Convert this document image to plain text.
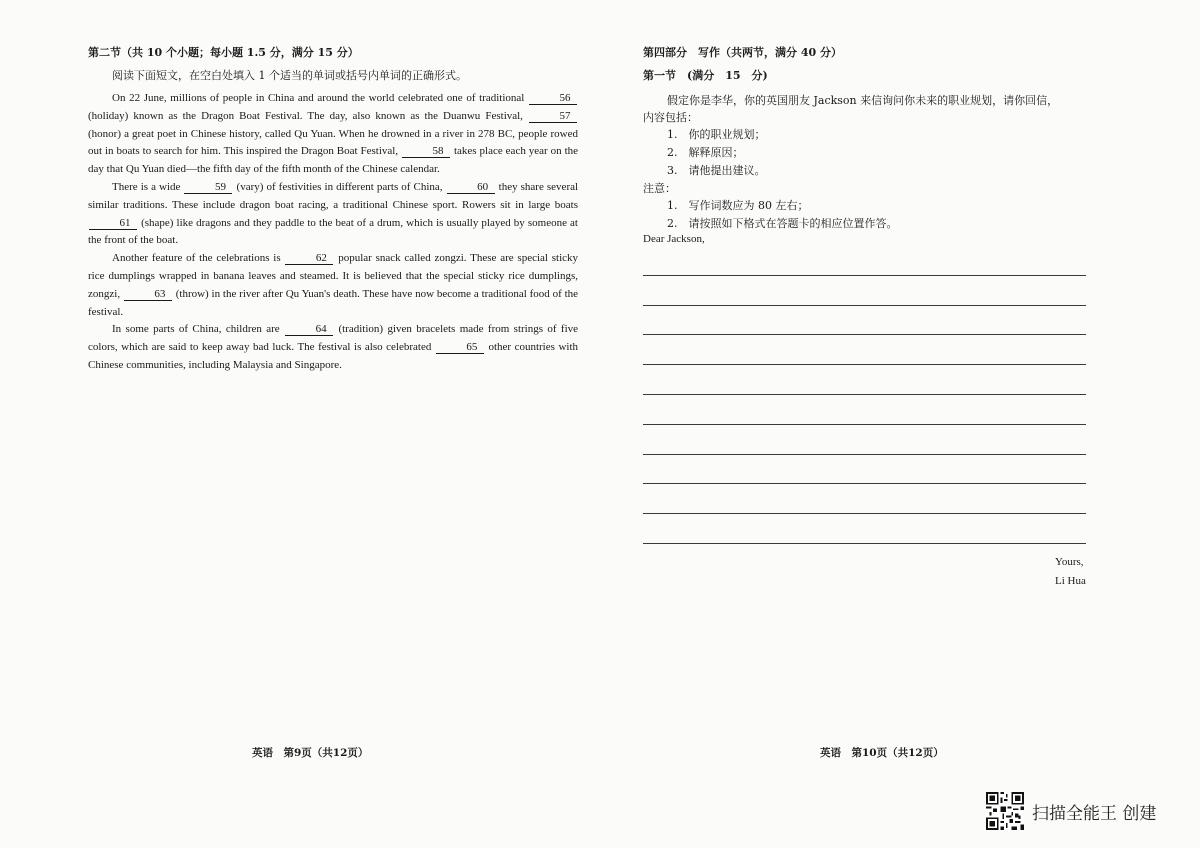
第二节（共 10 个小题；每小题 1.5 分，满分 15 分）
阅读下面短文，在空白处填入 1 个适当的单词或括号内单词的正确形式。

On 22 June, millions of people in China and around the world celebrated one of traditional	56 (holiday) known as the Dragon Boat Festival. The day, also known as the Duanwu Festival,	57 (honor) a great poet in Chinese history, called Qu Yuan. When he drowned in a river in 278 BC, people rowed out in boats to search for him. This inspired the Dragon Boat Festival,	58 takes place each year on the day that Qu Yuan died—the fifth day of the fifth month of the Chinese calendar.

There is a wide	59 (vary) of festivities in different parts of China,	60 they share several similar traditions. These include dragon boat racing, a traditional Chinese sport. Rowers sit in large boats 61 (shape) like dragons and they paddle to the beat of a drum, which is usually played by someone at the front of the boat.

Another feature of the celebrations is	62 popular snack called zongzi. These are special sticky rice dumplings wrapped in banana leaves and steamed. It is believed that the special sticky rice dumplings, zongzi,	63 (throw) in the river after Qu Yuan's death. These have now become a traditional food of the festival.

In some parts of China, children are	64 (tradition) given bracelets made from strings of five colors, which are said to keep away bad luck. The festival is also celebrated	65 other countries with Chinese communities, including Malaysia and Singapore.

英语　第9页（共12页）
第四部分　写作（共两节，满分 40 分）
第一节　(满分　15　分)
假定你是李华，你的英国朋友 Jackson 来信询问你未来的职业规划，请你回信，
内容包括：
1.　你的职业规划；
2.　解释原因；
3.　请他提出建议。
注意：
1.　写作词数应为 80 左右；
2.　请按照如下格式在答题卡的相应位置作答。
Dear Jackson,
英语　第10页（共12页）
Yours,
Li Hua
扫描全能王 创建
